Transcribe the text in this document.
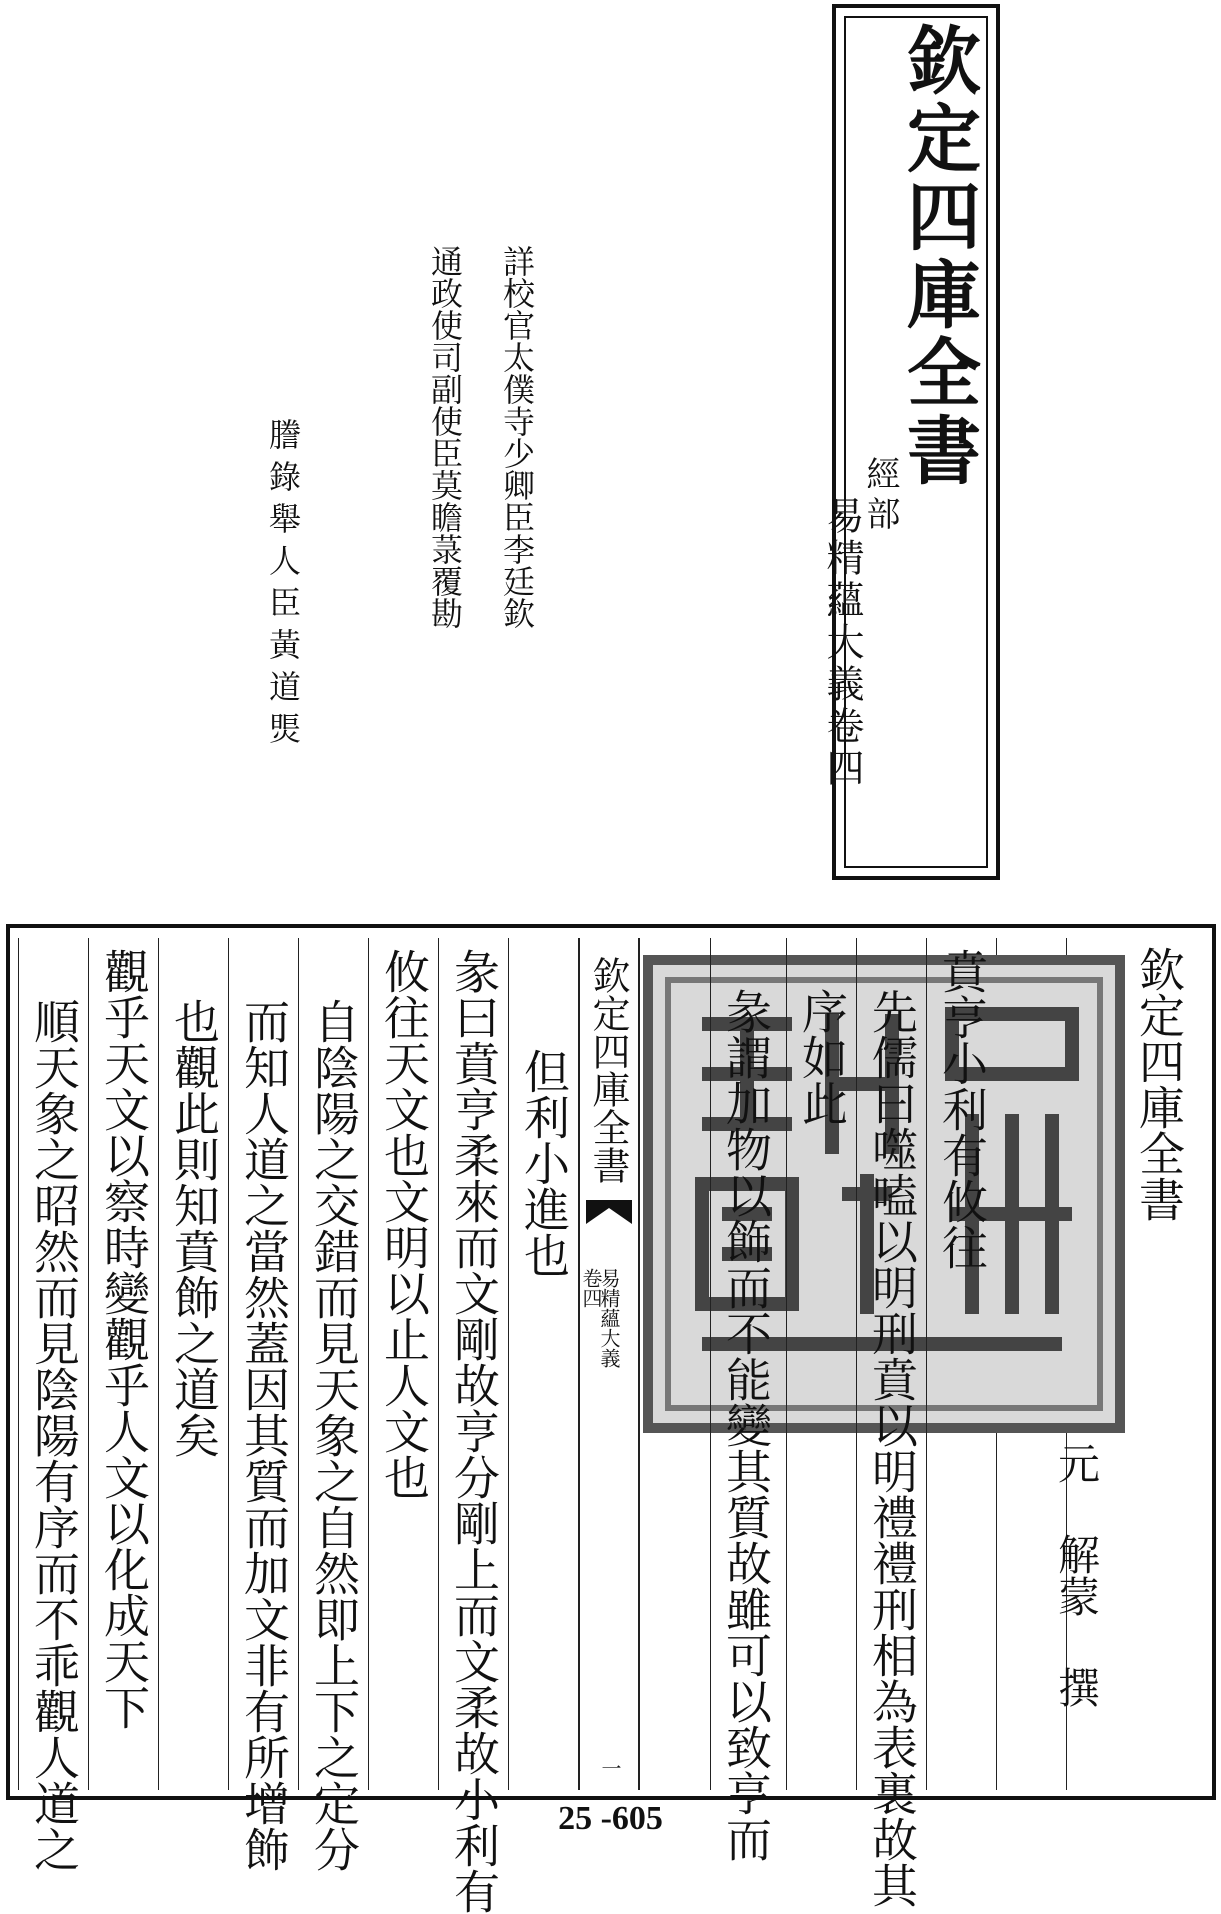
欽定四庫全書
經部
易精蘊大義卷四
詳校官太僕寺少卿臣李廷欽
通政使司副使臣莫瞻菉覆勘
謄錄舉人臣黃道煚
欽定四庫全書
元 解蒙 撰
賁亨小利有攸往
先儒曰噬嗑以明刑賁以明禮禮刑相為表裏故其
序如此
彖謂加物以飾而不能變其質故雖可以致亨而
欽定四庫全書
易精蘊大義
卷四
一
但利小進也
彖曰賁亨柔來而文剛故亨分剛上而文柔故小利有
攸往天文也文明以止人文也
自陰陽之交錯而見天象之自然即上下之定分
而知人道之當然蓋因其質而加文非有所增飾
也觀此則知賁飾之道矣
觀乎天文以察時變觀乎人文以化成天下
順天象之昭然而見陰陽有序而不乖觀人道之	25 -605
